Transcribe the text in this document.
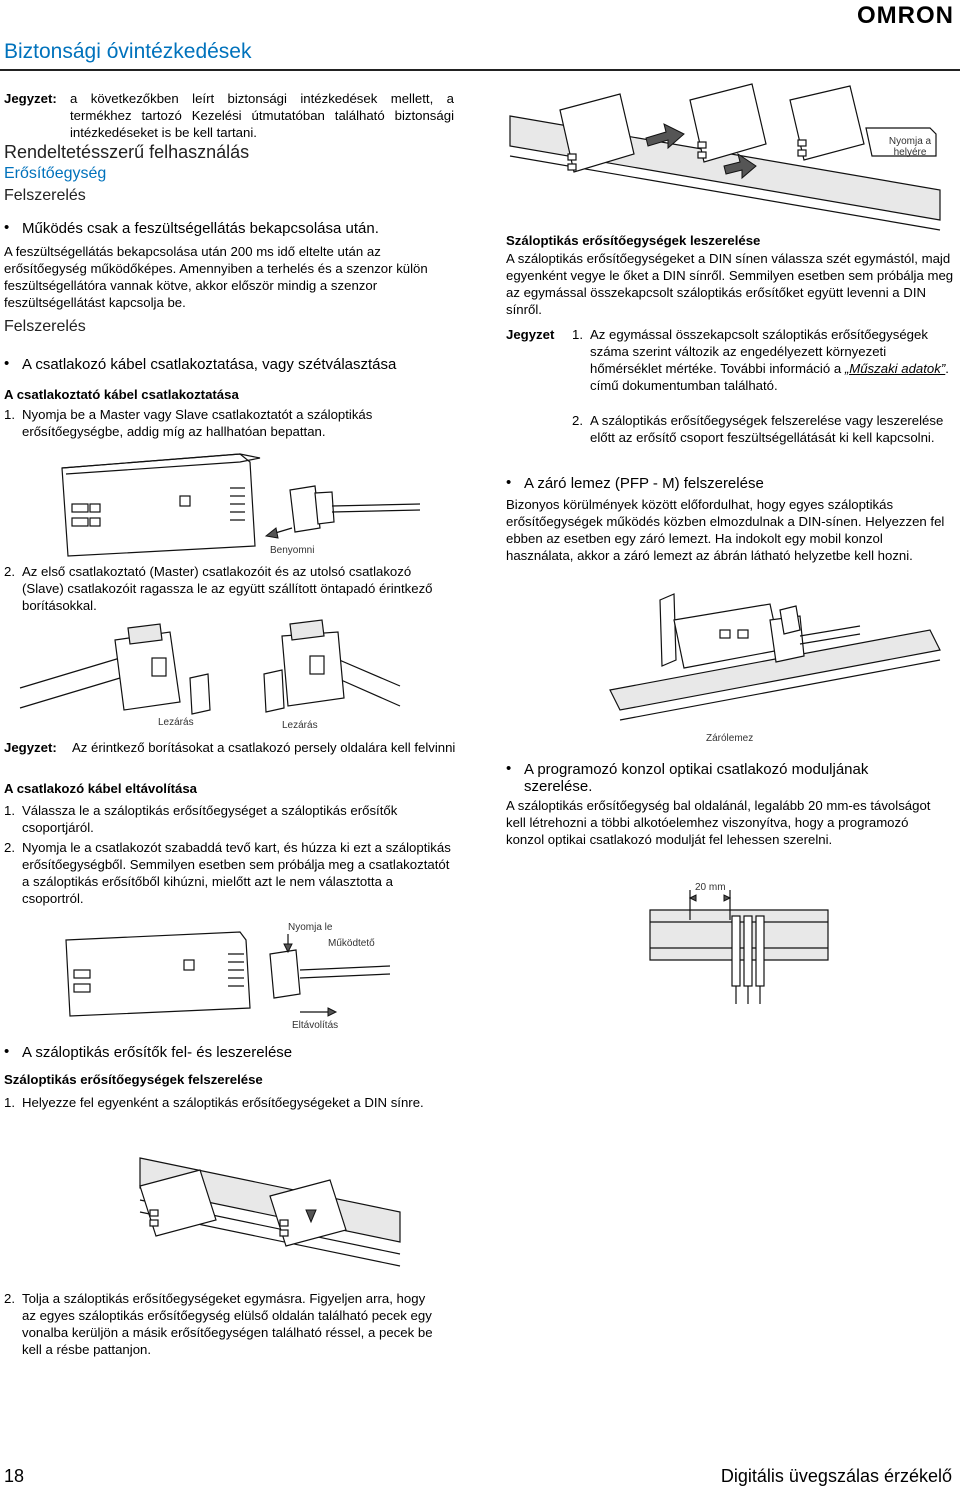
OMRON
Biztonsági óvintézkedések
Jegyzet: a következőkben leírt biztonsági intézkedések mellett, a termékhez tartozó Kezelési útmutatóban található biztonsági intézkedéseket is be kell tartani.
Rendeltetésszerű felhasználás
Erősítőegység
Felszerelés
• Működés csak a feszültségellátás bekapcsolása után.
A feszültségellátás bekapcsolása után 200 ms idő eltelte után az erősítőegység működőképes. Amennyiben a terhelés és a szenzor külön feszültségellátóra vannak kötve, akkor először mindig a szenzor feszültségellátást kapcsolja be.
Felszerelés
• A csatlakozó kábel csatlakoztatása, vagy szétválasztása
A csatlakoztató kábel csatlakoztatása
1. Nyomja be a Master vagy Slave csatlakoztatót a száloptikás erősítőegységbe, addig míg az hallhatóan bepattan.
Benyomni
2. Az első csatlakoztató (Master) csatlakozóit és az utolsó csatlakozó (Slave) csatlakozóit ragassza le az együtt szállított öntapadó érintkező borításokkal.
Lezárás	Lezárás
Jegyzet: Az érintkező borításokat a csatlakozó persely oldalára kell felvinni
A csatlakozó kábel eltávolítása
1. Válassza le a száloptikás erősítőegységet a száloptikás erősítők csoportjáról.
2. Nyomja le a csatlakozót szabaddá tevő kart, és húzza ki ezt a száloptikás erősítőegységből. Semmilyen esetben sem próbálja meg a csatlakoztatót a száloptikás erősítőből kihúzni, mielőtt azt le nem választotta a csoportról.
Nyomja le
Működtető
Eltávolítás
• A száloptikás erősítők fel- és leszerelése
Száloptikás erősítőegységek felszerelése
1. Helyezze fel egyenként a száloptikás erősítőegységeket a DIN sínre.
2. Tolja a száloptikás erősítőegységeket egymásra. Figyeljen arra, hogy az egyes száloptikás erősítőegység elülső oldalán található pecek egy vonalba kerüljön a másik erősítőegységen található réssel, a pecek be kell a résbe pattanjon.
Nyomja a helyére
Száloptikás erősítőegységek leszerelése
A száloptikás erősítőegységeket a DIN sínen válassza szét egymástól, majd egyenként vegye le őket a DIN sínről. Semmilyen esetben sem próbálja meg az egymással összekapcsolt száloptikás erősítőket együtt levenni a DIN sínről.
Jegyzet 1. Az egymással összekapcsolt száloptikás erősítőegységek száma szerint változik az engedélyezett környezeti hőmérséklet mértéke. További információ a „Műszaki adatok”. című dokumentumban található.
2. A száloptikás erősítőegységek felszerelése vagy leszerelése előtt az erősítő csoport feszültségellátását ki kell kapcsolni.
• A záró lemez (PFP - M) felszerelése
Bizonyos körülmények között előfordulhat, hogy egyes száloptikás erősítőegységek működés közben elmozdulnak a DIN-sínen. Helyezzen fel ebben az esetben egy záró lemezt. Ha indokolt egy mobil konzol használata, akkor a záró lemezt az ábrán látható helyzetbe kell hozni.
Zárólemez
• A programozó konzol optikai csatlakozó moduljának szerelése.
A száloptikás erősítőegység bal oldalánál, legalább 20 mm-es távolságot kell létrehozni a többi alkotóelemhez viszonyítva, hogy a programozó konzol optikai csatlakozó modulját fel lehessen szerelni.
20 mm
18	Digitális üvegszálas érzékelő
